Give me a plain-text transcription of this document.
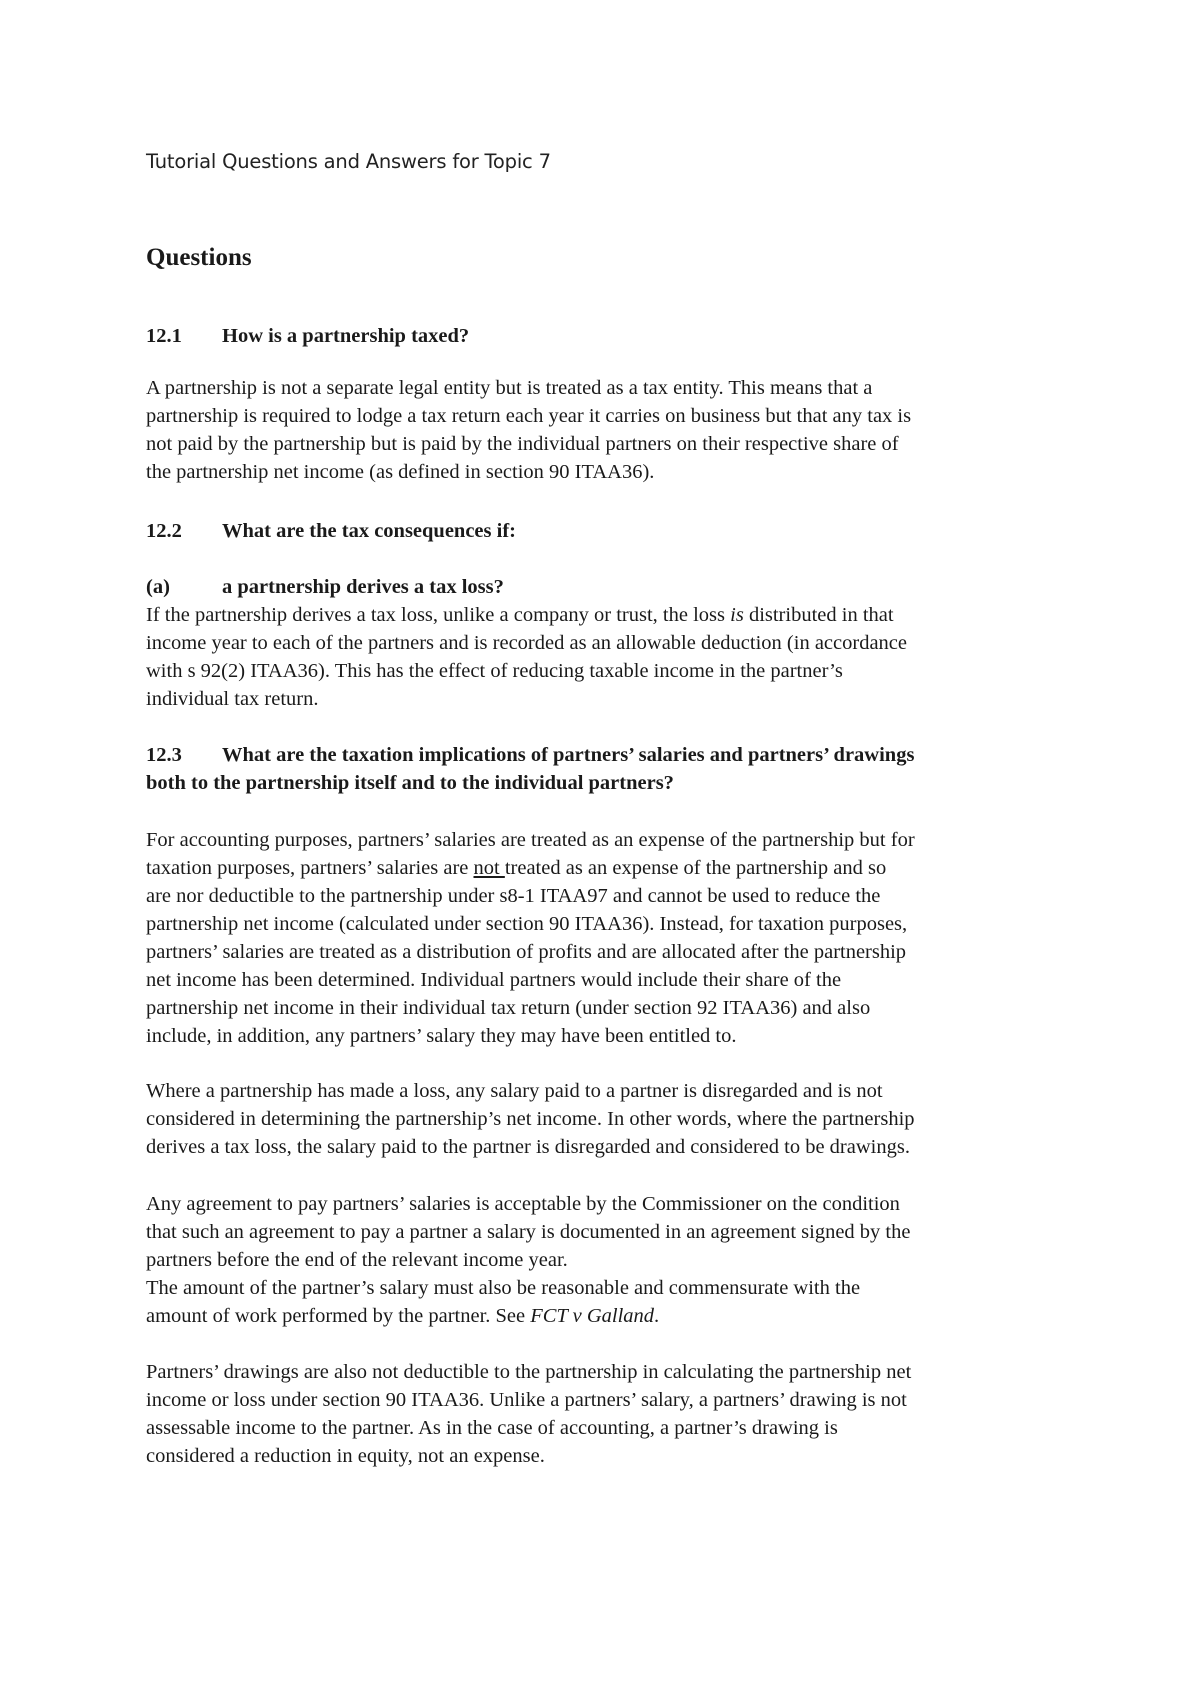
Tutorial Questions and Answers for Topic 7
Questions
12.1 How is a partnership taxed?
A partnership is not a separate legal entity but is treated as a tax entity. This means that a
partnership is required to lodge a tax return each year it carries on business but that any tax is
not paid by the partnership but is paid by the individual partners on their respective share of
the partnership net income (as defined in section 90 ITAA36).
12.2 What are the tax consequences if:
(a)	a partnership derives a tax loss?
If the partnership derives a tax loss, unlike a company or trust, the loss is distributed in that
income year to each of the partners and is recorded as an allowable deduction (in accordance
with s 92(2) ITAA36). This has the effect of reducing taxable income in the partner’s
individual tax return.
12.3 What are the taxation implications of partners’ salaries and partners’ drawings
both to the partnership itself and to the individual partners?
For accounting purposes, partners’ salaries are treated as an expense of the partnership but for
taxation purposes, partners’ salaries are not treated as an expense of the partnership and so
are nor deductible to the partnership under s8-1 ITAA97 and cannot be used to reduce the
partnership net income (calculated under section 90 ITAA36). Instead, for taxation purposes,
partners’ salaries are treated as a distribution of profits and are allocated after the partnership
net income has been determined. Individual partners would include their share of the
partnership net income in their individual tax return (under section 92 ITAA36) and also
include, in addition, any partners’ salary they may have been entitled to.
Where a partnership has made a loss, any salary paid to a partner is disregarded and is not
considered in determining the partnership’s net income. In other words, where the partnership
derives a tax loss, the salary paid to the partner is disregarded and considered to be drawings.
Any agreement to pay partners’ salaries is acceptable by the Commissioner on the condition
that such an agreement to pay a partner a salary is documented in an agreement signed by the
partners before the end of the relevant income year.
The amount of the partner’s salary must also be reasonable and commensurate with the
amount of work performed by the partner. See FCT v Galland.
Partners’ drawings are also not deductible to the partnership in calculating the partnership net
income or loss under section 90 ITAA36. Unlike a partners’ salary, a partners’ drawing is not
assessable income to the partner. As in the case of accounting, a partner’s drawing is
considered a reduction in equity, not an expense.
